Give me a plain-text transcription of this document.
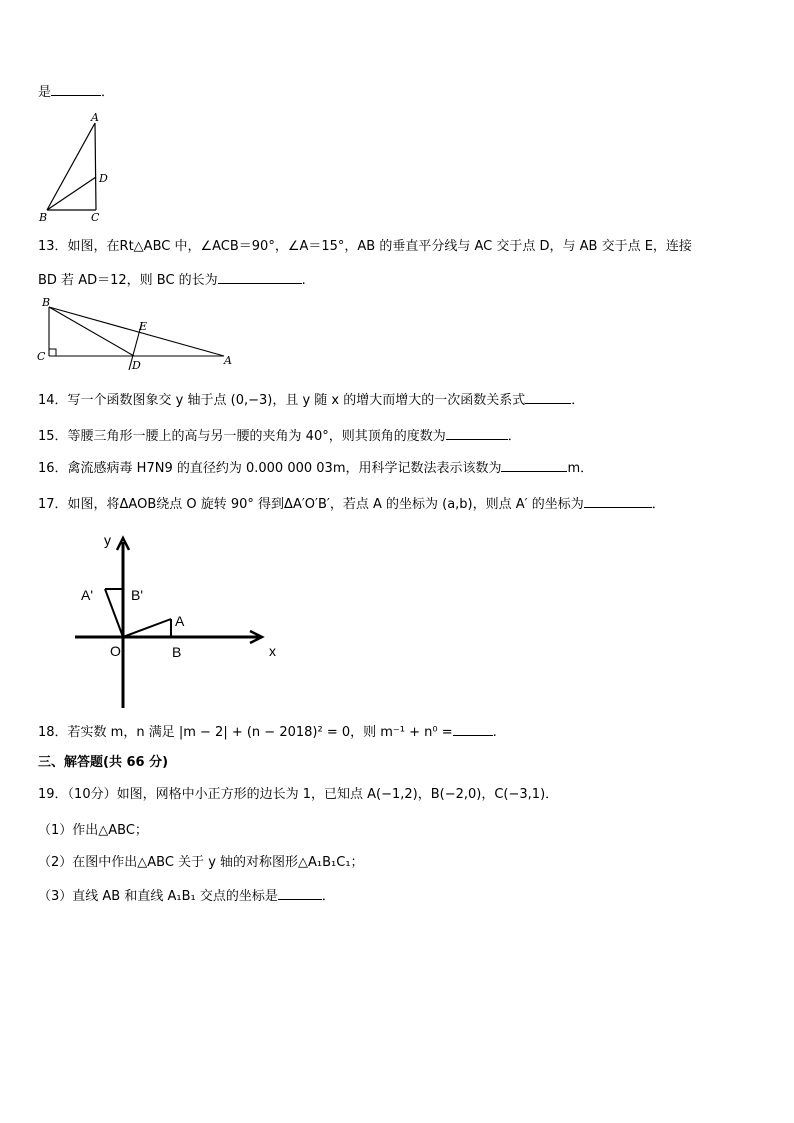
是	．
A
D
B	C
13．如图，在Rt△ABC 中，∠ACB＝90°，∠A＝15°，AB 的垂直平分线与 AC 交于点 D，与 AB 交于点 E，连接
BD 若 AD＝12，则 BC 的长为	.
B
E
C
D	A
14．写一个函数图象交 y 轴于点 (0,−3)，且 y 随 x 的增大而增大的一次函数关系式	．
15．等腰三角形一腰上的高与另一腰的夹角为 40°，则其顶角的度数为	．
16．禽流感病毒 H7N9 的直径约为 0.000 000 03m，用科学记数法表示该数为	m．
17．如图，将ΔAOB绕点 O 旋转 90° 得到ΔA′O′B′，若点 A 的坐标为 (a,b)，则点 A′ 的坐标为	．
y
A'	B'
A
O	B	x
18．若实数 m，n 满足 |m − 2| + (n − 2018)² = 0，则 m⁻¹ + n⁰ =	.
三、解答题(共 66 分)
19．（10分）如图，网格中小正方形的边长为 1，已知点 A(−1,2)，B(−2,0)，C(−3,1)．
（1）作出△ABC；
（2）在图中作出△ABC 关于 y 轴的对称图形△A₁B₁C₁；
（3）直线 AB 和直线 A₁B₁ 交点的坐标是	．
